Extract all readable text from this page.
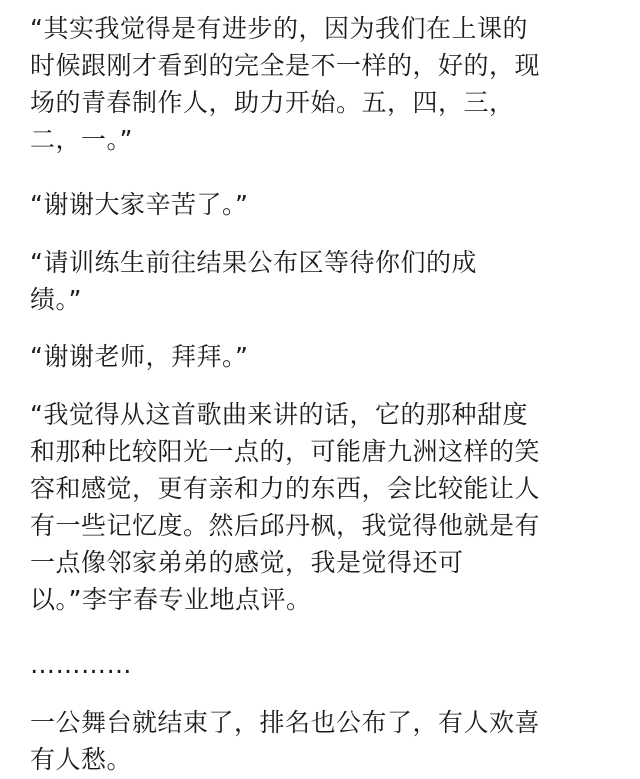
“其实我觉得是有进步的，因为我们在上课的
时候跟刚才看到的完全是不一样的，好的，现
场的青春制作人，助力开始。五，四，三，
二，一。”

“谢谢大家辛苦了。”

“请训练生前往结果公布区等待你们的成
绩。”

“谢谢老师，拜拜。”

“我觉得从这首歌曲来讲的话，它的那种甜度
和那种比较阳光一点的，可能唐九洲这样的笑
容和感觉，更有亲和力的东西，会比较能让人
有一些记忆度。然后邱丹枫，我觉得他就是有
一点像邻家弟弟的感觉，我是觉得还可
以。”李宇春专业地点评。

…………

一公舞台就结束了，排名也公布了，有人欢喜
有人愁。
